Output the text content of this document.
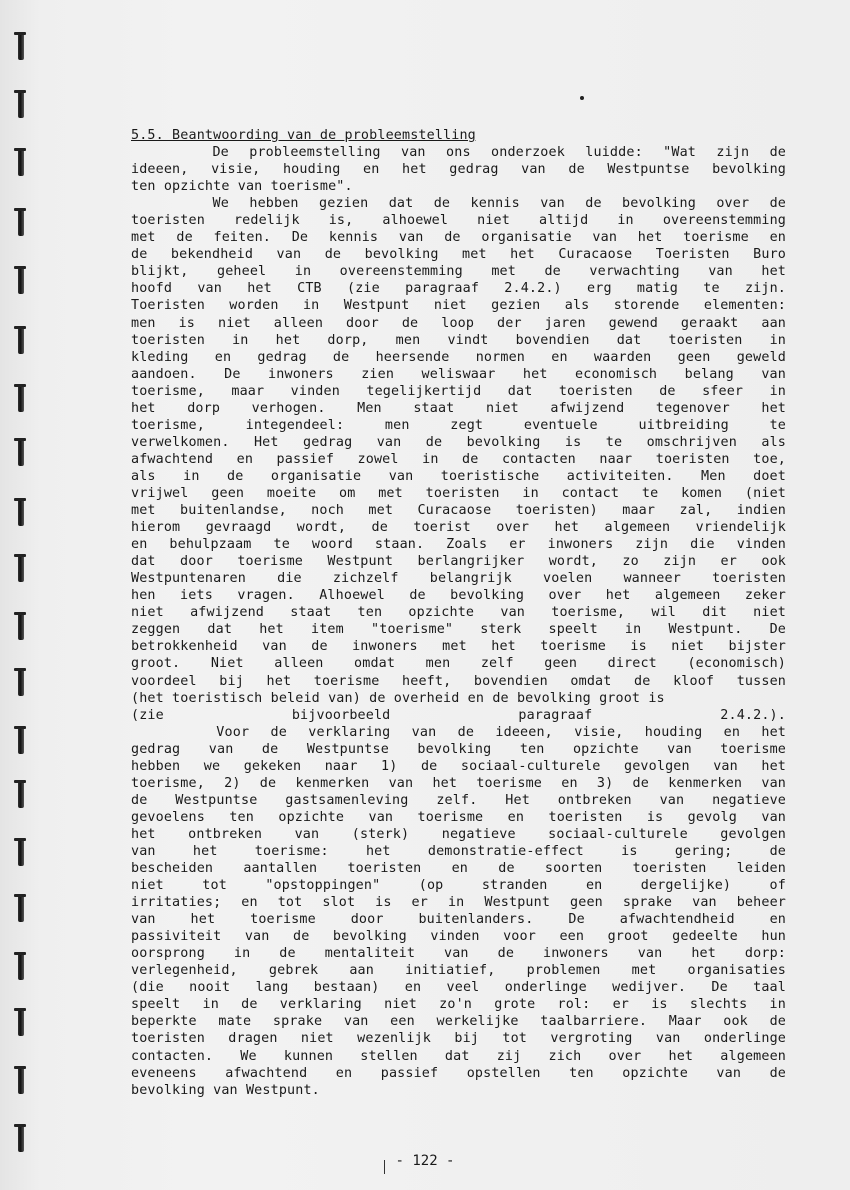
5.5. Beantwoording van de probleemstelling
De probleemstelling van ons onderzoek luidde: "Wat zijn de
ideeen, visie, houding en het gedrag van de Westpuntse bevolking
ten opzichte van toerisme".
We hebben gezien dat de kennis van de bevolking over de
toeristen redelijk is, alhoewel niet altijd in overeenstemming
met de feiten. De kennis van de organisatie van het toerisme en
de bekendheid van de bevolking met het Curacaose Toeristen Buro
blijkt, geheel in overeenstemming met de verwachting van het
hoofd van het CTB (zie paragraaf 2.4.2.) erg matig te zijn.
Toeristen worden in Westpunt niet gezien als storende elementen:
men is niet alleen door de loop der jaren gewend geraakt aan
toeristen in het dorp, men vindt bovendien dat toeristen in
kleding en gedrag de heersende normen en waarden geen geweld
aandoen. De inwoners zien weliswaar het economisch belang van
toerisme, maar vinden tegelijkertijd dat toeristen de sfeer in
het dorp verhogen. Men staat niet afwijzend tegenover het
toerisme, integendeel: men zegt eventuele uitbreiding te
verwelkomen. Het gedrag van de bevolking is te omschrijven als
afwachtend en passief zowel in de contacten naar toeristen toe,
als in de organisatie van toeristische activiteiten. Men doet
vrijwel geen moeite om met toeristen in contact te komen (niet
met buitenlandse, noch met Curacaose toeristen) maar zal, indien
hierom gevraagd wordt, de toerist over het algemeen vriendelijk
en behulpzaam te woord staan. Zoals er inwoners zijn die vinden
dat door toerisme Westpunt berlangrijker wordt, zo zijn er ook
Westpuntenaren die zichzelf belangrijk voelen wanneer toeristen
hen iets vragen. Alhoewel de bevolking over het algemeen zeker
niet afwijzend staat ten opzichte van toerisme, wil dit niet
zeggen dat het item "toerisme" sterk speelt in Westpunt. De
betrokkenheid van de inwoners met het toerisme is niet bijster
groot. Niet alleen omdat men zelf geen direct (economisch)
voordeel bij het toerisme heeft, bovendien omdat de kloof tussen
(het toeristisch beleid van) de overheid en de bevolking groot is
(zie bijvoorbeeld paragraaf 2.4.2.).
Voor de verklaring van de ideeen, visie, houding en het
gedrag van de Westpuntse bevolking ten opzichte van toerisme
hebben we gekeken naar 1) de sociaal-culturele gevolgen van het
toerisme, 2) de kenmerken van het toerisme en 3) de kenmerken van
de Westpuntse gastsamenleving zelf. Het ontbreken van negatieve
gevoelens ten opzichte van toerisme en toeristen is gevolg van
het ontbreken van (sterk) negatieve sociaal-culturele gevolgen
van het toerisme: het demonstratie-effect is gering; de
bescheiden aantallen toeristen en de soorten toeristen leiden
niet tot "opstoppingen" (op stranden en dergelijke) of
irritaties; en tot slot is er in Westpunt geen sprake van beheer
van het toerisme door buitenlanders. De afwachtendheid en
passiviteit van de bevolking vinden voor een groot gedeelte hun
oorsprong in de mentaliteit van de inwoners van het dorp:
verlegenheid, gebrek aan initiatief, problemen met organisaties
(die nooit lang bestaan) en veel onderlinge wedijver. De taal
speelt in de verklaring niet zo'n grote rol: er is slechts in
beperkte mate sprake van een werkelijke taalbarriere. Maar ook de
toeristen dragen niet wezenlijk bij tot vergroting van onderlinge
contacten. We kunnen stellen dat zij zich over het algemeen
eveneens afwachtend en passief opstellen ten opzichte van de
bevolking van Westpunt.
- 122 -
